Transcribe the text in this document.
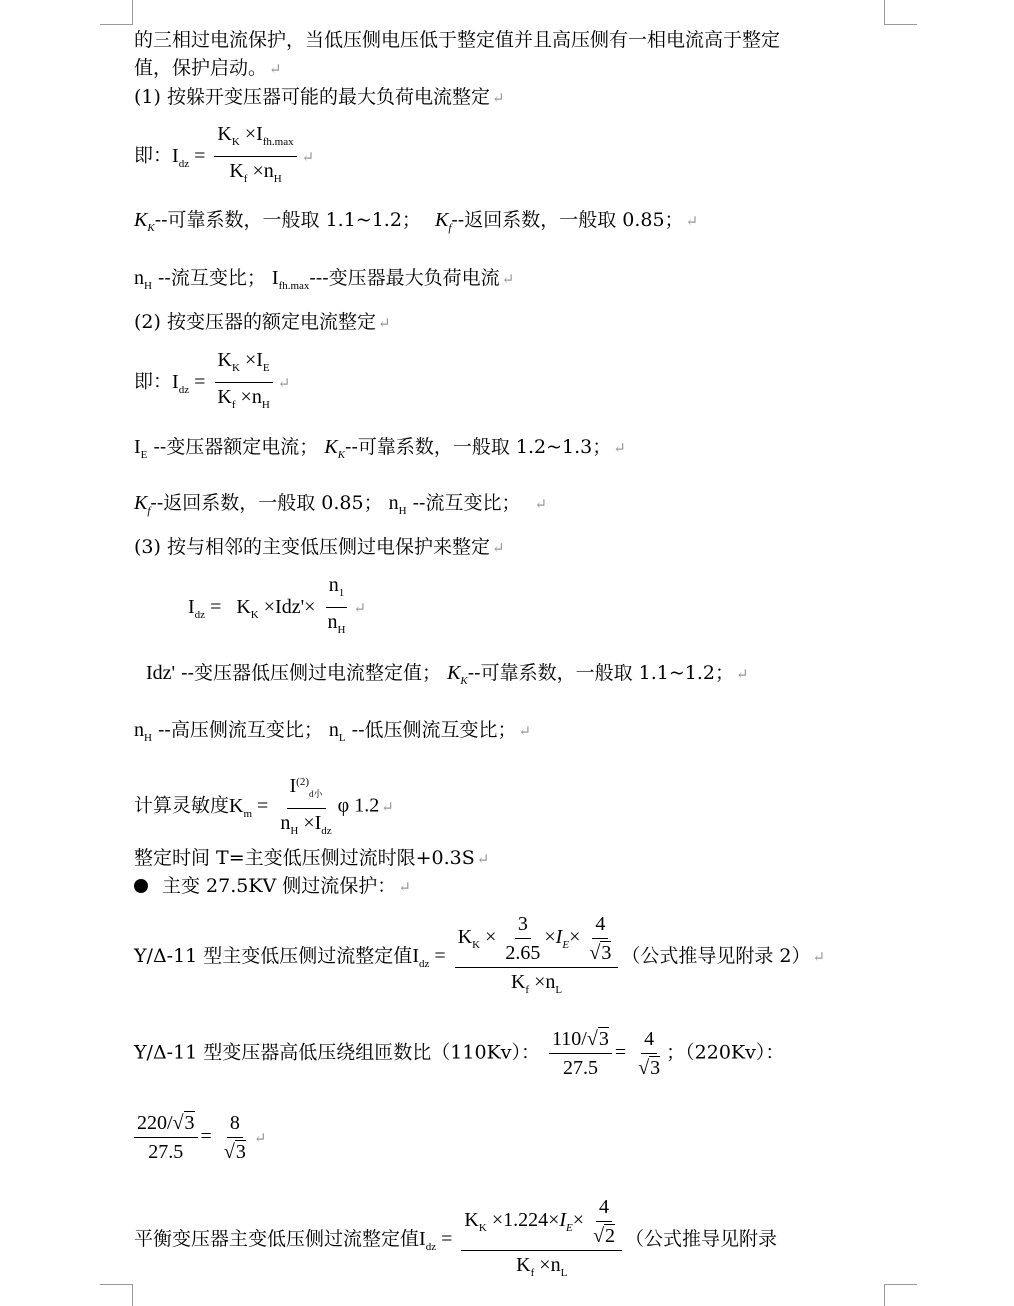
的三相过电流保护，当低压侧电压低于整定值并且高压侧有一相电流高于整定
值，保护启动。 ↵
(1) 按躲开变压器可能的最大负荷电流整定 ↵
即：$I_{dz} = \frac{K_K \times I_{fh.max}}{K_f \times n_H}$ ↵
$K_K--$可靠系数，一般取 1.1~1.2； $K_f--$返回系数，一般取 0.85； ↵
$n_H$ --流互变比； $I_{fh.max}---$变压器最大负荷电流 ↵
(2) 按变压器的额定电流整定 ↵
即：$I_{dz} = \frac{K_K \times I_E}{K_f \times n_H}$ ↵
$I_E$ --变压器额定电流； $K_K--$可靠系数，一般取 1.2~1.3； ↵
$K_f--$返回系数，一般取 0.85； $n_H$ --流互变比； ↵
(3) 按与相邻的主变低压侧过电保护来整定 ↵
$I_{dz} = K_K \times Idz'\times \frac{n_1}{n_H}$ ↵
Idz' --变压器低压侧过电流整定值； $K_K--$可靠系数，一般取 1.1~1.2； ↵
$n_H$ --高压侧流互变比； $n_L$ --低压侧流互变比； ↵
计算灵敏度$K_m = \frac{I^{(2)}_{d小}}{n_H \times I_{dz}}$ φ 1.2 ↵
整定时间 T=主变低压侧过流时限+0.3S ↵
主变 27.5KV 侧过流保护： ↵
Y/Δ-11 型主变低压侧过流整定值$I_{dz} = \frac{K_K \times \frac{3}{2.65} \times I_E\times \frac{4}{√3}}{K_f \times n_L}$ （公式推导见附录 2） ↵
Y/Δ-11 型变压器高低压绕组匝数比（110Kv）： $\frac{110/√3}{27.5} = \frac{4}{√3}$ ；（220Kv）：
$\frac{220/√3}{27.5} = \frac{8}{√3}$ ↵
平衡变压器主变低压侧过流整定值$I_{dz} = \frac{K_K \times 1.224\times I_E\times \frac{4}{√2}}{K_f \times n_L}$ （公式推导见附录
